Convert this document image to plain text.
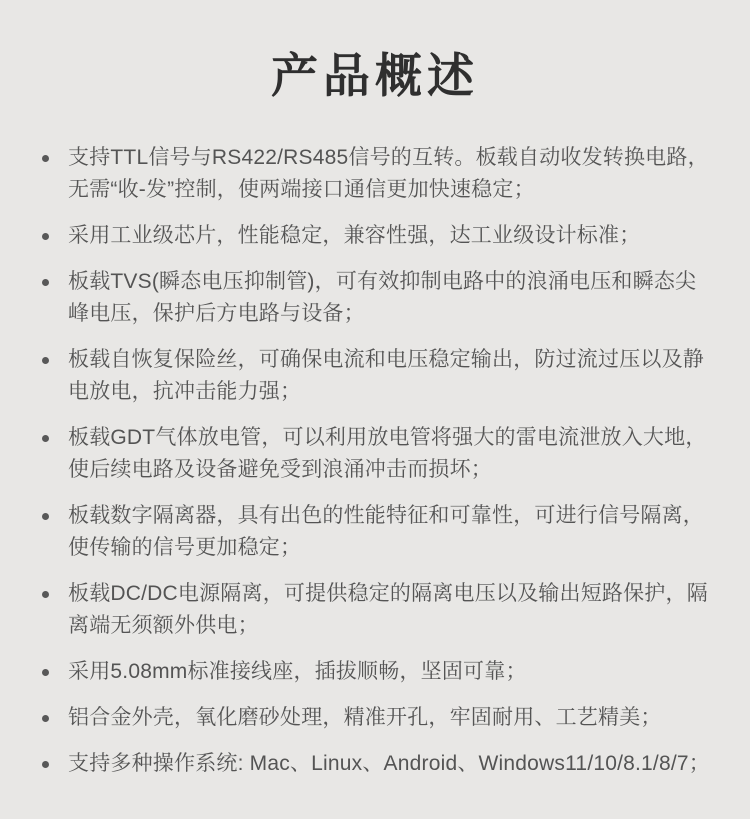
产品概述
支持TTL信号与RS422/RS485信号的互转。板载自动收发转换电路，无需“收-发”控制，使两端接口通信更加快速稳定；
采用工业级芯片，性能稳定，兼容性强，达工业级设计标准；
板载TVS(瞬态电压抑制管)，可有效抑制电路中的浪涌电压和瞬态尖峰电压，保护后方电路与设备；
板载自恢复保险丝，可确保电流和电压稳定输出，防过流过压以及静电放电，抗冲击能力强；
板载GDT气体放电管，可以利用放电管将强大的雷电流泄放入大地，使后续电路及设备避免受到浪涌冲击而损坏；
板载数字隔离器，具有出色的性能特征和可靠性，可进行信号隔离，使传输的信号更加稳定；
板载DC/DC电源隔离，可提供稳定的隔离电压以及输出短路保护，隔离端无须额外供电；
采用5.08mm标准接线座，插拔顺畅，坚固可靠；
铝合金外壳，氧化磨砂处理，精准开孔，牢固耐用、工艺精美；
支持多种操作系统: Mac、Linux、Android、Windows11/10/8.1/8/7；
